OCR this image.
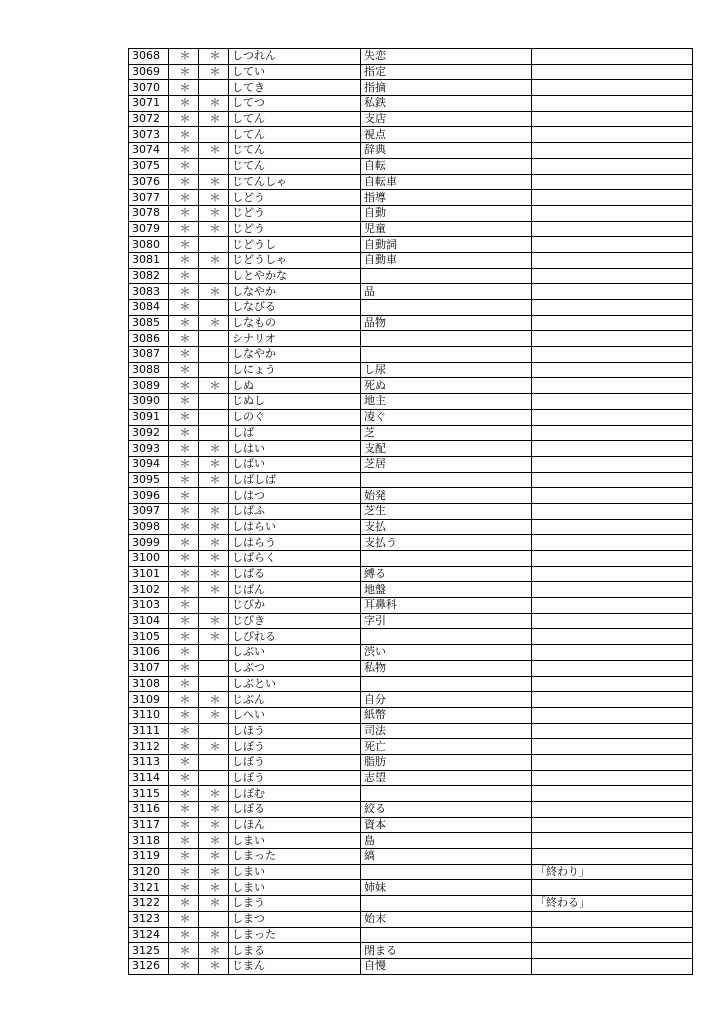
3068	＊	＊	しつれん	失恋	
3069	＊	＊	してい	指定	
3070	＊		してき	指摘	
3071	＊	＊	してつ	私鉄	
3072	＊	＊	してん	支店	
3073	＊		してん	視点	
3074	＊	＊	じてん	辞典	
3075	＊		じてん	自転	
3076	＊	＊	じてんしゃ	自転車	
3077	＊	＊	しどう	指導	
3078	＊	＊	じどう	自動	
3079	＊	＊	じどう	児童	
3080	＊		じどうし	自動詞	
3081	＊	＊	じどうしゃ	自動車	
3082	＊		しとやかな		
3083	＊	＊	しなやか	品	
3084	＊		しなびる		
3085	＊	＊	しなもの	品物	
3086	＊		シナリオ		
3087	＊		しなやか		
3088	＊		しにょう	し尿	
3089	＊	＊	しぬ	死ぬ	
3090	＊		じぬし	地主	
3091	＊		しのぐ	凌ぐ	
3092	＊		しば	芝	
3093	＊	＊	しはい	支配	
3094	＊	＊	しばい	芝居	
3095	＊	＊	しばしば		
3096	＊		しはつ	始発	
3097	＊	＊	しばふ	芝生	
3098	＊	＊	しはらい	支払	
3099	＊	＊	しはらう	支払う	
3100	＊	＊	しばらく		
3101	＊	＊	しばる	縛る	
3102	＊	＊	じばん	地盤	
3103	＊		じびか	耳鼻科	
3104	＊	＊	じびき	字引	
3105	＊	＊	しびれる		
3106	＊		しぶい	渋い	
3107	＊		しぶつ	私物	
3108	＊		しぶとい		
3109	＊	＊	じぶん	自分	
3110	＊	＊	しへい	紙幣	
3111	＊		しほう	司法	
3112	＊	＊	しぼう	死亡	
3113	＊		しぼう	脂肪	
3114	＊		しぼう	志望	
3115	＊	＊	しぼむ		
3116	＊	＊	しぼる	絞る	
3117	＊	＊	しほん	資本	
3118	＊	＊	しまい	島	
3119	＊	＊	しまった	縞	
3120	＊	＊	しまい		「終わり」
3121	＊	＊	しまい	姉妹	
3122	＊	＊	しまう		「終わる」
3123	＊		しまつ	始末	
3124	＊	＊	しまった		
3125	＊	＊	しまる	閉まる	
3126	＊	＊	じまん	自慢	
